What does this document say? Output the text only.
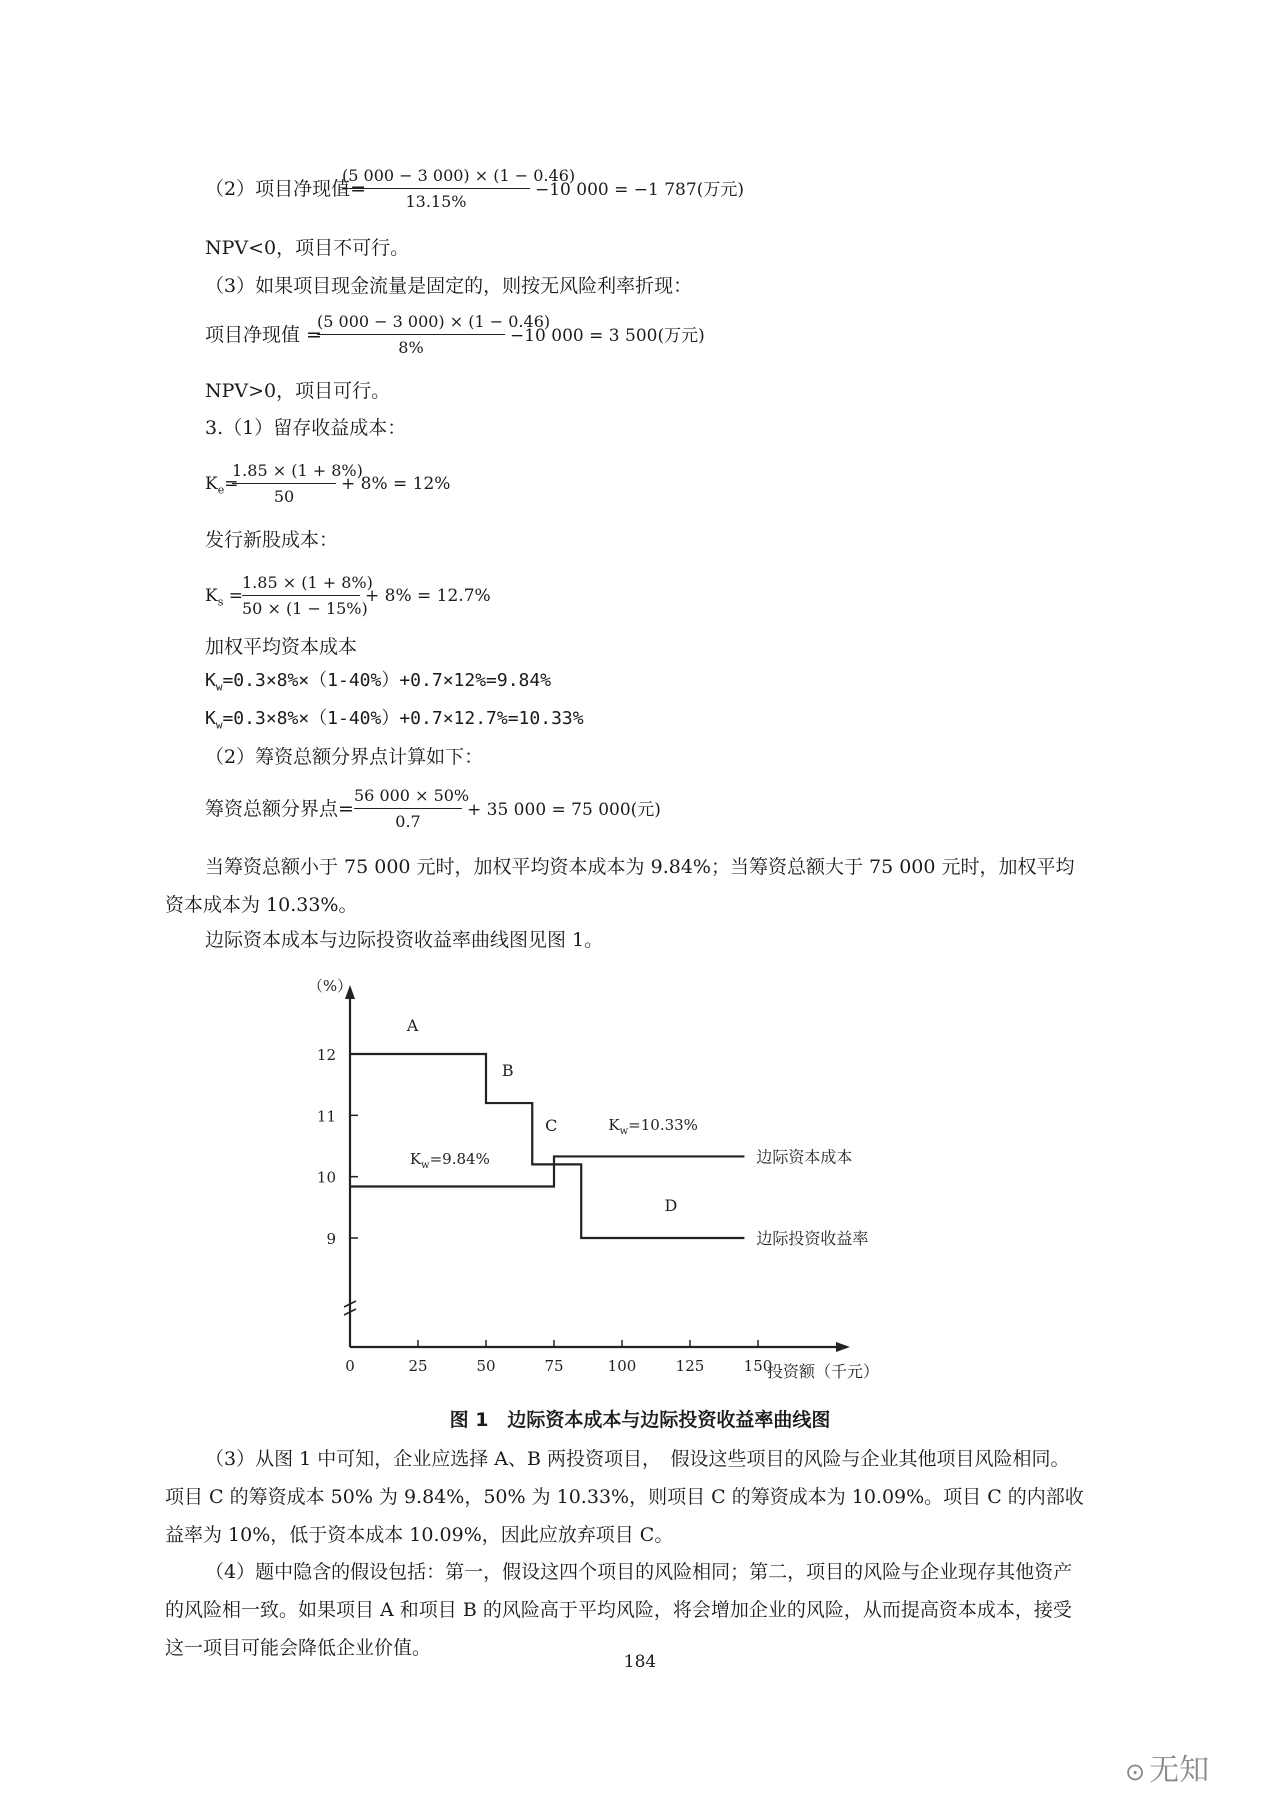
（2）项目净现值=
(5 000 − 3 000) × (1 − 0.46)
13.15%
−10 000 = −1 787(万元)
NPV<0，项目不可行。
（3）如果项目现金流量是固定的，则按无风险利率折现：
项目净现值 =
(5 000 − 3 000) × (1 − 0.46)
8%
−10 000 = 3 500(万元)
NPV>0，项目可行。
3.（1）留存收益成本：
$K_e=$
1.85 × (1 + 8%)
50
+ 8% = 12%
发行新股成本：
$K_s$ =
1.85 × (1 + 8%)
50 × (1 − 15%)
+ 8% = 12.7%
加权平均资本成本
$K_w=0.3\times 8\%\times(1-40\%)+0.7\times 12\%=9.84\%$
$K_w=0.3\times 8\%\times(1-40\%)+0.7\times 12.7\%=10.33\%$
（2）筹资总额分界点计算如下：
筹资总额分界点=
56 000 × 50%
0.7
+ 35 000 = 75 000(元)
当筹资总额小于 75 000 元时，加权平均资本成本为 9.84%；当筹资总额大于 75 000 元时，加权平均资本成本为 10.33%。
边际资本成本与边际投资收益率曲线图见图 1。
9
10
11
12
0	25	50	75	100	125	150
（%）
投资额（千元）
边际资本成本
边际投资收益率
A
B
C
D
$K_w=9.84\%$
$K_w=10.33\%$
图 1　边际资本成本与边际投资收益率曲线图
（3）从图 1 中可知，企业应选择 A、B 两投资项目，　假设这些项目的风险与企业其他项目风险相同。项目 C 的筹资成本 50% 为 9.84%，50% 为 10.33%，则项目 C 的筹资成本为 10.09%。项目 C 的内部收益率为 10%，低于资本成本 10.09%，因此应放弃项目 C。
（4）题中隐含的假设包括：第一，假设这四个项目的风险相同；第二，项目的风险与企业现存其他资产的风险相一致。如果项目 A 和项目 B 的风险高于平均风险，将会增加企业的风险，从而提高资本成本，接受这一项目可能会降低企业价值。
184
⊙ 无知
